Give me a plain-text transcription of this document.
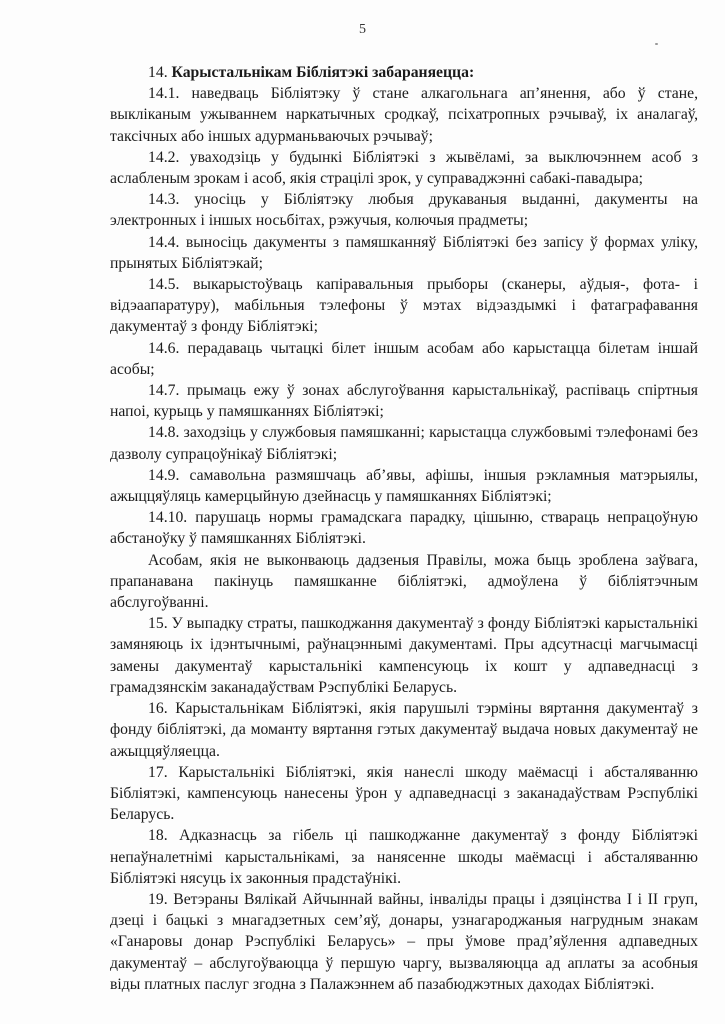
5

14. Карыстальнікам Бібліятэкі забараняецца:

14.1. наведваць Бібліятэку ў стане алкагольнага ап’янення, або ў стане, выкліканым ужываннем наркатычных сродкаў, псіхатропных рэчываў, іх аналагаў, таксічных або іншых адурманьваючых рэчываў;

14.2. уваходзіць у будынкі Бібліятэкі з жывёламі, за выключэннем асоб з аслабленым зрокам і асоб, якія страцілі зрок, у суправаджэнні сабакі-павадыра;

14.3. уносіць у Бібліятэку любыя друкаваныя выданні, дакументы на электронных і іншых носьбітах, рэжучыя, колючыя прадметы;

14.4. выносіць дакументы з памяшканняў Бібліятэкі без запісу ў формах уліку, прынятых Бібліятэкай;

14.5. выкарыстоўваць капіравальныя прыборы (сканеры, аўдыя-, фота- і відэаапаратуру), мабільныя тэлефоны ў мэтах відэаздымкі і фатаграфавання дакументаў з фонду Бібліятэкі;

14.6. перадаваць чытацкі білет іншым асобам або карыстацца білетам іншай асобы;

14.7. прымаць ежу ў зонах абслугоўвання карыстальнікаў, распіваць спіртныя напоі, курыць у памяшканнях Бібліятэкі;

14.8. заходзіць у службовыя памяшканні; карыстацца службовымі тэлефонамі без дазволу супрацоўнікаў Бібліятэкі;

14.9. самавольна размяшчаць аб’явы, афішы, іншыя рэкламныя матэрыялы, ажыццяўляць камерцыйную дзейнасць у памяшканнях Бібліятэкі;

14.10. парушаць нормы грамадскага парадку, цішыню, ствараць непрацоўную абстаноўку ў памяшканнях Бібліятэкі.

Асобам, якія не выконваюць дадзеныя Правілы, можа быць зроблена заўвага, прапанавана пакінуць памяшканне бібліятэкі, адмоўлена ў бібліятэчным абслугоўванні.

15. У выпадку страты, пашкоджання дакументаў з фонду Бібліятэкі карыстальнікі замяняюць іх ідэнтычнымі, раўнацэннымі дакументамі. Пры адсутнасці магчымасці замены дакументаў карыстальнікі кампенсуюць іх кошт у адпаведнасці з грамадзянскім заканадаўствам Рэспублікі Беларусь.

16. Карыстальнікам Бібліятэкі, якія парушылі тэрміны вяртання дакументаў з фонду бібліятэкі, да моманту вяртання гэтых дакументаў выдача новых дакументаў не ажыццяўляецца.

17. Карыстальнікі Бібліятэкі, якія нанеслі шкоду маёмасці і абсталяванню Бібліятэкі, кампенсуюць нанесены ўрон у адпаведнасці з заканадаўствам Рэспублікі Беларусь.

18. Адказнасць за гібель ці пашкоджанне дакументаў з фонду Бібліятэкі непаўналетнімі карыстальнікамі, за нанясенне шкоды маёмасці і абсталяванню Бібліятэкі нясуць іх законныя прадстаўнікі.

19. Ветэраны Вялікай Айчыннай вайны, інваліды працы і дзяцінства I і II груп, дзеці і бацькі з мнагадзетных сем’яў, донары, узнагароджаныя нагрудным знакам «Ганаровы донар Рэспублікі Беларусь» – пры ўмове прад’яўлення адпаведных дакументаў – абслугоўваюцца ў першую чаргу, вызваляюцца ад аплаты за асобныя віды платных паслуг згодна з Палажэннем аб пазабюджэтных даходах Бібліятэкі.
